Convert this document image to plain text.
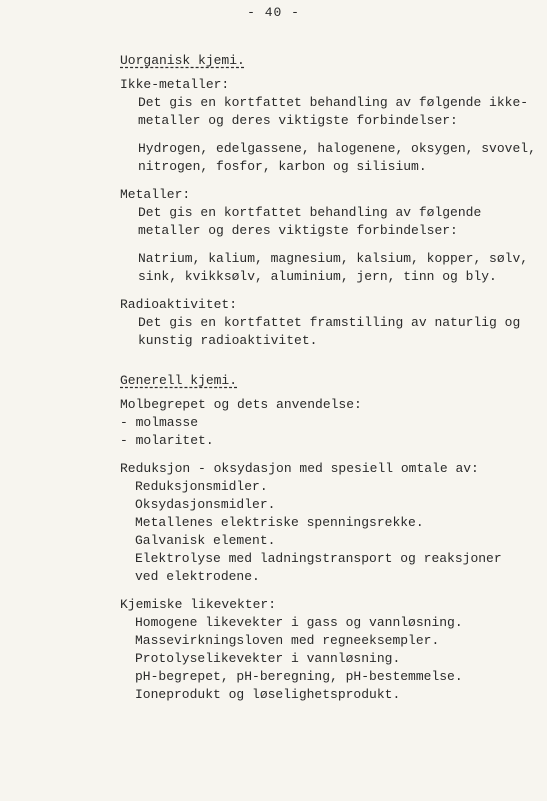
- 40 -
Uorganisk kjemi.
Ikke-metaller:
Det gis en kortfattet behandling av følgende ikke-
metaller og deres viktigste forbindelser:
Hydrogen, edelgassene, halogenene, oksygen, svovel,
nitrogen, fosfor, karbon og silisium.
Metaller:
Det gis en kortfattet behandling av følgende
metaller og deres viktigste forbindelser:
Natrium, kalium, magnesium, kalsium, kopper, sølv,
sink, kvikksølv, aluminium, jern, tinn og bly.
Radioaktivitet:
Det gis en kortfattet framstilling av naturlig og
kunstig radioaktivitet.
Generell kjemi.
Molbegrepet og dets anvendelse:
- molmasse
- molaritet.
Reduksjon - oksydasjon med spesiell omtale av:
Reduksjonsmidler.
Oksydasjonsmidler.
Metallenes elektriske spenningsrekke.
Galvanisk element.
Elektrolyse med ladningstransport og reaksjoner
ved elektrodene.
Kjemiske likevekter:
Homogene likevekter i gass og vannløsning.
Massevirkningsloven med regneeksempler.
Protolyselikevekter i vannløsning.
pH-begrepet, pH-beregning, pH-bestemmelse.
Ioneprodukt og løselighetsprodukt.
